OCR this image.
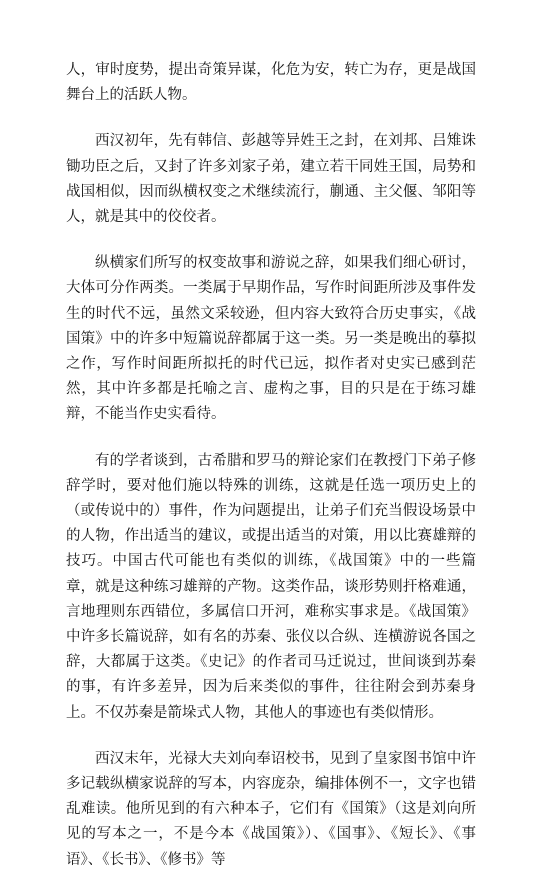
人，审时度势，提出奇策异谋，化危为安，转亡为存，更是战国舞台上的活跃人物。

西汉初年，先有韩信、彭越等异姓王之封，在刘邦、吕雉诛锄功臣之后，又封了许多刘家子弟，建立若干同姓王国，局势和战国相似，因而纵横权变之术继续流行，蒯通、主父偃、邹阳等人，就是其中的佼佼者。

纵横家们所写的权变故事和游说之辞，如果我们细心研讨，大体可分作两类。一类属于早期作品，写作时间距所涉及事件发生的时代不远，虽然文采较逊，但内容大致符合历史事实，《战国策》中的许多中短篇说辞都属于这一类。另一类是晚出的摹拟之作，写作时间距所拟托的时代已远，拟作者对史实已感到茫然，其中许多都是托喻之言、虚构之事，目的只是在于练习雄辩，不能当作史实看待。

有的学者谈到，古希腊和罗马的辩论家们在教授门下弟子修辞学时，要对他们施以特殊的训练，这就是任选一项历史上的（或传说中的）事件，作为问题提出，让弟子们充当假设场景中的人物，作出适当的建议，或提出适当的对策，用以比赛雄辩的技巧。中国古代可能也有类似的训练，《战国策》中的一些篇章，就是这种练习雄辩的产物。这类作品，谈形势则扞格难通，言地理则东西错位，多属信口开河，难称实事求是。《战国策》中许多长篇说辞，如有名的苏秦、张仪以合纵、连横游说各国之辞，大都属于这类。《史记》的作者司马迁说过，世间谈到苏秦的事，有许多差异，因为后来类似的事件，往往附会到苏秦身上。不仅苏秦是箭垛式人物，其他人的事迹也有类似情形。

西汉末年，光禄大夫刘向奉诏校书，见到了皇家图书馆中许多记载纵横家说辞的写本，内容庞杂，编排体例不一，文字也错乱难读。他所见到的有六种本子，它们有《国策》（这是刘向所见的写本之一，不是今本《战国策》）、《国事》、《短长》、《事语》、《长书》、《修书》等
